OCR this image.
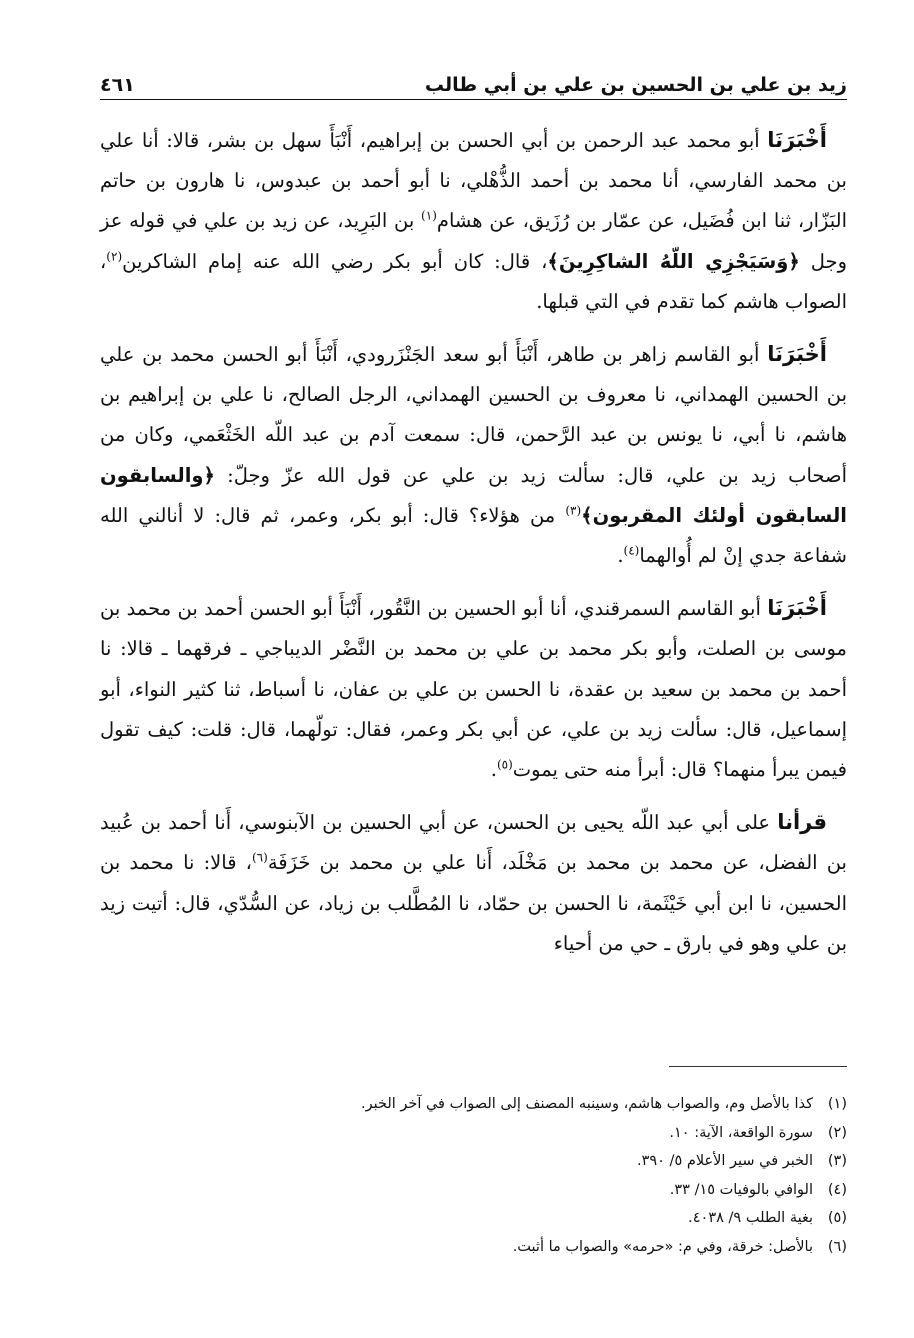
زيد بن علي بن الحسين بن علي بن أبي طالب
٤٦١

أَخْبَرَنَا أبو محمد عبد الرحمن بن أبي الحسن بن إبراهيم، أَنْبَأَ سهل بن بشر، قالا: أنا علي بن محمد الفارسي، أنا محمد بن أحمد الذُّهْلي، نا أبو أحمد بن عبدوس، نا هارون بن حاتم البَزّار، ثنا ابن فُضَيل، عن عمّار بن رُزَيق، عن هشام$^{(١)}$ بن البَرِيد، عن زيد بن علي في قوله عز وجل ﴿وَسَيَجْزِي اللّهُ الشاكِرِينَ﴾، قال: كان أبو بكر رضي الله عنه إمام الشاكرين$^{(٢)}$، الصواب هاشم كما تقدم في التي قبلها.

أَخْبَرَنَا أبو القاسم زاهر بن طاهر، أَنْبَأَ أبو سعد الجَنْزَرودي، أَنْبَأَ أبو الحسن محمد بن علي بن الحسين الهمداني، نا معروف بن الحسين الهمداني، الرجل الصالح، نا علي بن إبراهيم بن هاشم، نا أبي، نا يونس بن عبد الرَّحمن، قال: سمعت آدم بن عبد اللّه الخَثْعَمي، وكان من أصحاب زيد بن علي، قال: سألت زيد بن علي عن قول الله عزّ وجلّ: ﴿والسابقون السابقون أولئك المقربون﴾$^{(٣)}$ من هؤلاء؟ قال: أبو بكر، وعمر، ثم قال: لا أنالني الله شفاعة جدي إنْ لم أُوالهما$^{(٤)}$.

أَخْبَرَنَا أبو القاسم السمرقندي، أنا أبو الحسين بن النَّقُور، أَنْبَأَ أبو الحسن أحمد بن محمد بن موسى بن الصلت، وأبو بكر محمد بن علي بن محمد بن النَّضْر الديباجي ـ فرقهما ـ قالا: نا أحمد بن محمد بن سعيد بن عقدة، نا الحسن بن علي بن عفان، نا أسباط، ثنا كثير النواء، أبو إسماعيل، قال: سألت زيد بن علي، عن أبي بكر وعمر، فقال: تولّهما، قال: قلت: كيف تقول فيمن يبرأ منهما؟ قال: أبرأ منه حتى يموت$^{(٥)}$.

قرأنا على أبي عبد اللّه يحيى بن الحسن، عن أبي الحسين بن الآبنوسي، أَنا أحمد بن عُبيد بن الفضل، عن محمد بن محمد بن مَخْلَد، أَنا علي بن محمد بن خَزَفَة$^{(٦)}$، قالا: نا محمد بن الحسين، نا ابن أبي خَيْثَمة، نا الحسن بن حمّاد، نا المُطَّلب بن زياد، عن السُّدّي، قال: أتيت زيد بن علي وهو في بارق ـ حي من أحياء

(١)
كذا بالأصل وم، والصواب هاشم، وسينبه المصنف إلى الصواب في آخر الخبر.
(٢)
سورة الواقعة، الآية: ١٠.
(٣)
الخبر في سير الأعلام ٥/ ٣٩٠.
(٤)
الوافي بالوفيات ١٥/ ٣٣.
(٥)
بغية الطلب ٩/ ٤٠٣٨.
(٦)
بالأصل: خرقة، وفي م: «حرمه» والصواب ما أثبت.
